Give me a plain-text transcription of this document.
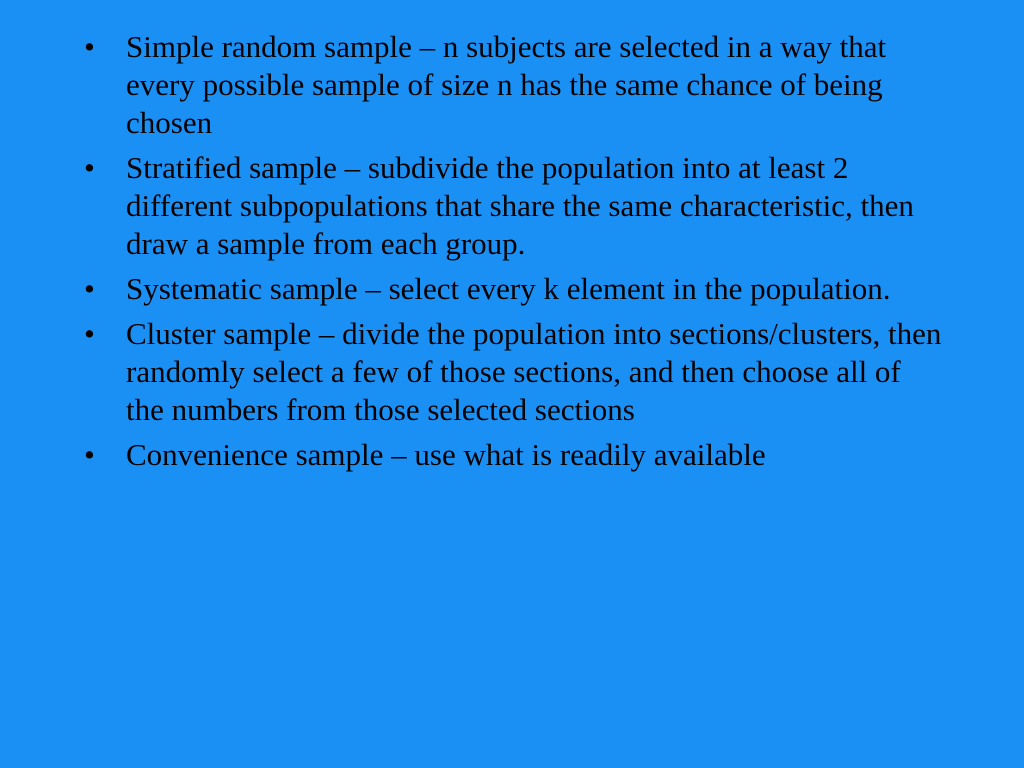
•	Simple random sample – n subjects are selected in a way that every possible sample of size n has the same chance of being chosen
•	Stratified sample – subdivide the population into at least 2 different subpopulations that share the same characteristic, then draw a sample from each group.
•	Systematic sample – select every k element in the population.
•	Cluster sample – divide the population into sections/clusters, then randomly select a few of those sections, and then choose all of the numbers from those selected sections
•	Convenience sample – use what is readily available
